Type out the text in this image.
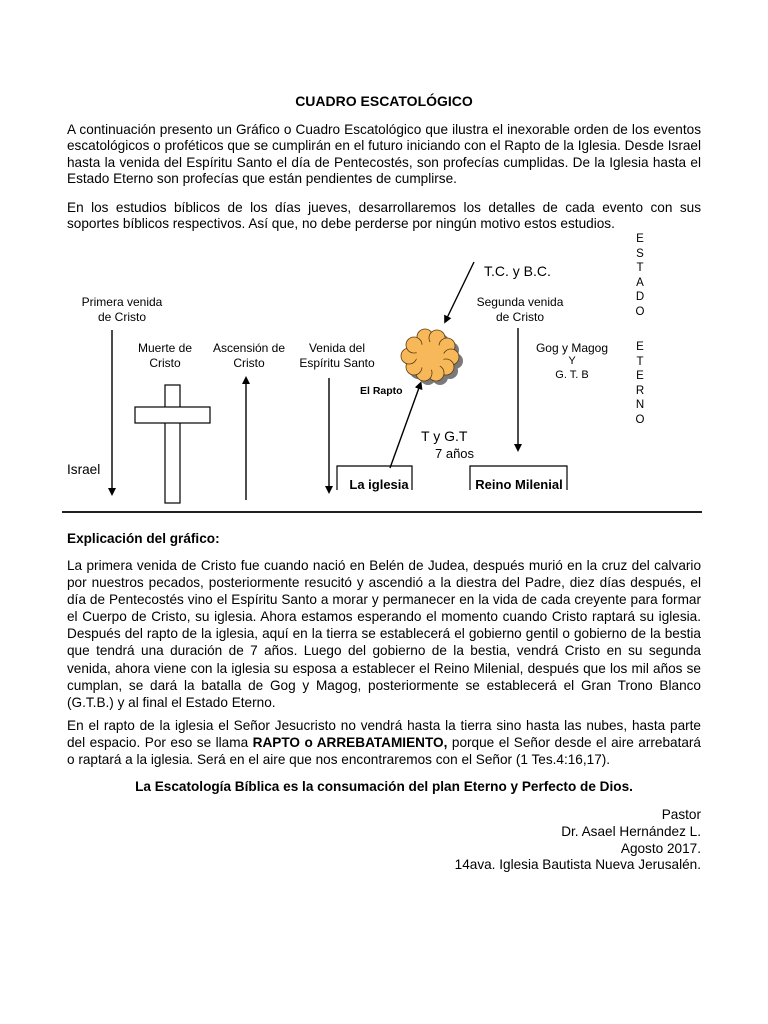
CUADRO ESCATOLÓGICO

A continuación presento un Gráfico o Cuadro Escatológico que ilustra el inexorable orden de los eventos escatológicos o proféticos que se cumplirán en el futuro iniciando con el Rapto de la Iglesia. Desde Israel hasta la venida del Espíritu Santo el día de Pentecostés, son profecías cumplidas. De la Iglesia hasta el Estado Eterno son profecías que están pendientes de cumplirse.

En los estudios bíblicos de los días jueves, desarrollaremos los detalles de cada evento con sus soportes bíblicos respectivos. Así que, no debe perderse por ningún motivo estos estudios.

Primera venida
de Cristo
Muerte de
Cristo
Ascensión de
Cristo
Venida del
Espíritu Santo
T.C. y B.C.
Segunda venida
de Cristo
Gog y Magog
Y
G. T. B
El Rapto
T y G.T
7 años
Israel
La iglesia	Reino Milenial
E
S
T
A
D
O
E
T
E
R
N
O
Explicación del gráfico:

La primera venida de Cristo fue cuando nació en Belén de Judea, después murió en la cruz del calvario por nuestros pecados, posteriormente resucitó y ascendió a la diestra del Padre, diez días después, el día de Pentecostés vino el Espíritu Santo a morar y permanecer en la vida de cada creyente para formar el Cuerpo de Cristo, su iglesia. Ahora estamos esperando el momento cuando Cristo raptará su iglesia. Después del rapto de la iglesia, aquí en la tierra se establecerá el gobierno gentil o gobierno de la bestia que tendrá una duración de 7 años. Luego del gobierno de la bestia, vendrá Cristo en su segunda venida, ahora viene con la iglesia su esposa a establecer el Reino Milenial, después que los mil años se cumplan, se dará la batalla de Gog y Magog, posteriormente se establecerá el Gran Trono Blanco (G.T.B.) y al final el Estado Eterno.

En el rapto de la iglesia el Señor Jesucristo no vendrá hasta la tierra sino hasta las nubes, hasta parte del espacio. Por eso se llama RAPTO o ARREBATAMIENTO, porque el Señor desde el aire arrebatará o raptará a la iglesia. Será en el aire que nos encontraremos con el Señor (1 Tes.4:16,17).

La Escatología Bíblica es la consumación del plan Eterno y Perfecto de Dios.
Pastor
Dr. Asael Hernández L.
Agosto 2017.
14ava. Iglesia Bautista Nueva Jerusalén.
